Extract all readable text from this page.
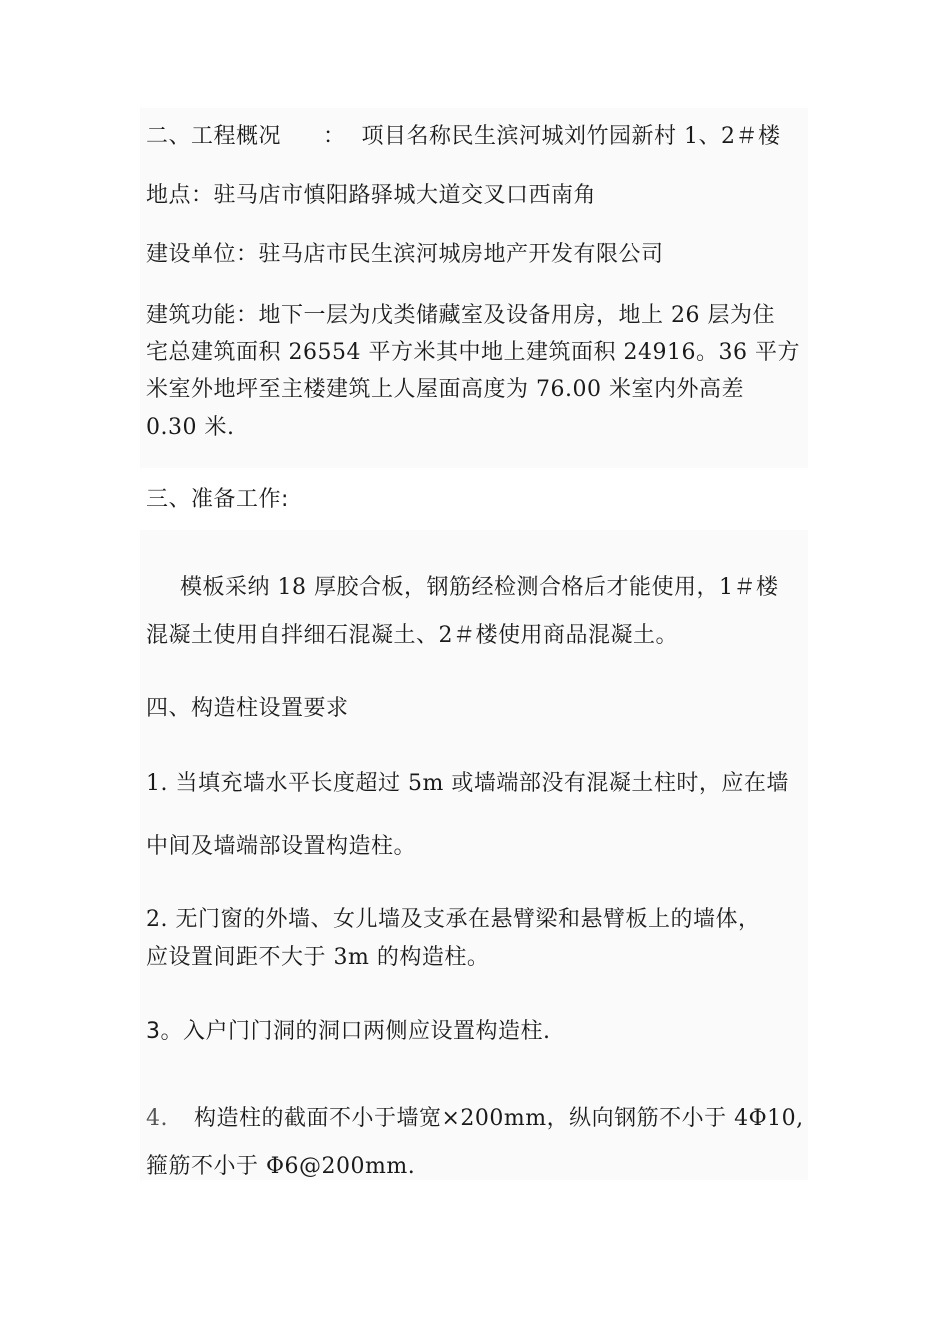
二、工程概况 ： 项目名称民生滨河城刘竹园新村 1、2＃楼
地点：驻马店市慎阳路驿城大道交叉口西南角
建设单位：驻马店市民生滨河城房地产开发有限公司
建筑功能：地下一层为戊类储藏室及设备用房，地上 26 层为住
宅总建筑面积 26554 平方米其中地上建筑面积 24916。36 平方
米室外地坪至主楼建筑上人屋面高度为 76.00 米室内外高差
0.30 米.
三、准备工作:
模板采纳 18 厚胶合板，钢筋经检测合格后才能使用，1＃楼
混凝土使用自拌细石混凝土、2＃楼使用商品混凝土。
四、构造柱设置要求
1. 当填充墙水平长度超过 5m 或墙端部没有混凝土柱时，应在墙
中间及墙端部设置构造柱。
2. 无门窗的外墙、女儿墙及支承在悬臂梁和悬臂板上的墙体，
应设置间距不大于 3m 的构造柱。
3。入户门门洞的洞口两侧应设置构造柱.
4. 构造柱的截面不小于墙宽×200mm，纵向钢筋不小于 4Φ10,
箍筋不小于 Φ6@200mm.
